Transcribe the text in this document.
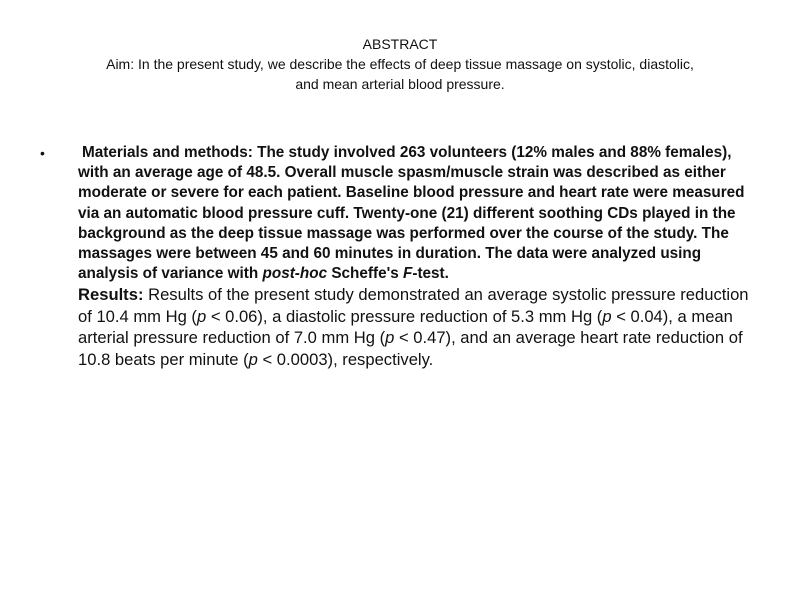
ABSTRACT
Aim: In the present study, we describe the effects of deep tissue massage on systolic, diastolic,
and mean arterial blood pressure.
•	Materials and methods: The study involved 263 volunteers (12% males and 88% females), with an average age of 48.5. Overall muscle spasm/muscle strain was described as either moderate or severe for each patient. Baseline blood pressure and heart rate were measured via an automatic blood pressure cuff. Twenty-one (21) different soothing CDs played in the background as the deep tissue massage was performed over the course of the study. The massages were between 45 and 60 minutes in duration. The data were analyzed using analysis of variance with post-hoc Scheffe's F-test.

Results: Results of the present study demonstrated an average systolic pressure reduction of 10.4 mm Hg (p < 0.06), a diastolic pressure reduction of 5.3 mm Hg (p < 0.04), a mean arterial pressure reduction of 7.0 mm Hg (p < 0.47), and an average heart rate reduction of 10.8 beats per minute (p < 0.0003), respectively.
